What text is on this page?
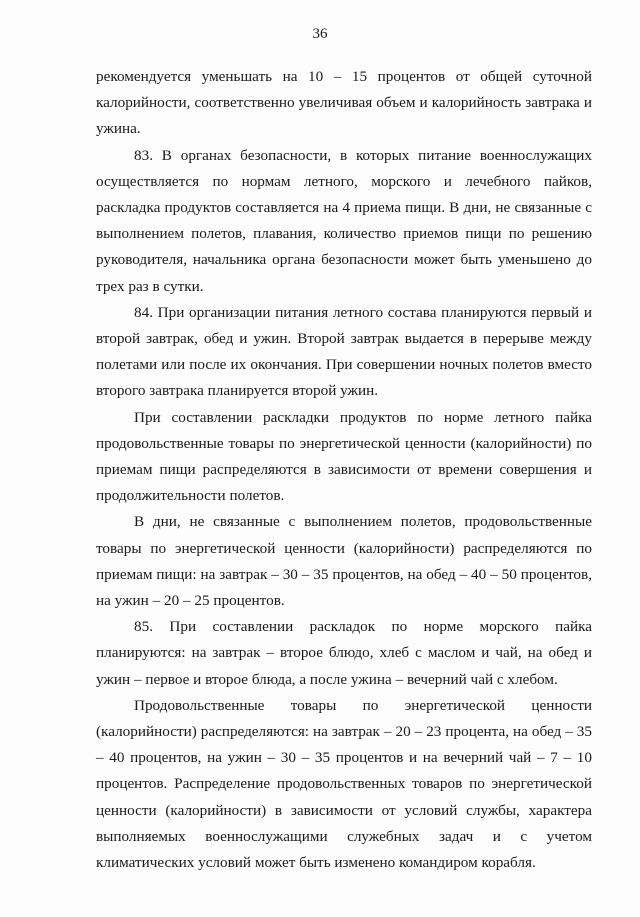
36

рекомендуется уменьшать на 10 – 15 процентов от общей суточной калорийности, соответственно увеличивая объем и калорийность завтрака и ужина.

83. В органах безопасности, в которых питание военнослужащих осуществляется по нормам летного, морского и лечебного пайков, раскладка продуктов составляется на 4 приема пищи. В дни, не связанные с выполнением полетов, плавания, количество приемов пищи по решению руководителя, начальника органа безопасности может быть уменьшено до трех раз в сутки.

84. При организации питания летного состава планируются первый и второй завтрак, обед и ужин. Второй завтрак выдается в перерыве между полетами или после их окончания. При совершении ночных полетов вместо второго завтрака планируется второй ужин.

При составлении раскладки продуктов по норме летного пайка продовольственные товары по энергетической ценности (калорийности) по приемам пищи распределяются в зависимости от времени совершения и продолжительности полетов.

В дни, не связанные с выполнением полетов, продовольственные товары по энергетической ценности (калорийности) распределяются по приемам пищи: на завтрак – 30 – 35 процентов, на обед – 40 – 50 процентов, на ужин – 20 – 25 процентов.

85. При составлении раскладок по норме морского пайка планируются: на завтрак – второе блюдо, хлеб с маслом и чай, на обед и ужин – первое и второе блюда, а после ужина – вечерний чай с хлебом.

Продовольственные товары по энергетической ценности (калорийности) распределяются: на завтрак – 20 – 23 процента, на обед – 35 – 40 процентов, на ужин – 30 – 35 процентов и на вечерний чай – 7 – 10 процентов. Распределение продовольственных товаров по энергетической ценности (калорийности) в зависимости от условий службы, характера выполняемых военнослужащими служебных задач и с учетом климатических условий может быть изменено командиром корабля.
